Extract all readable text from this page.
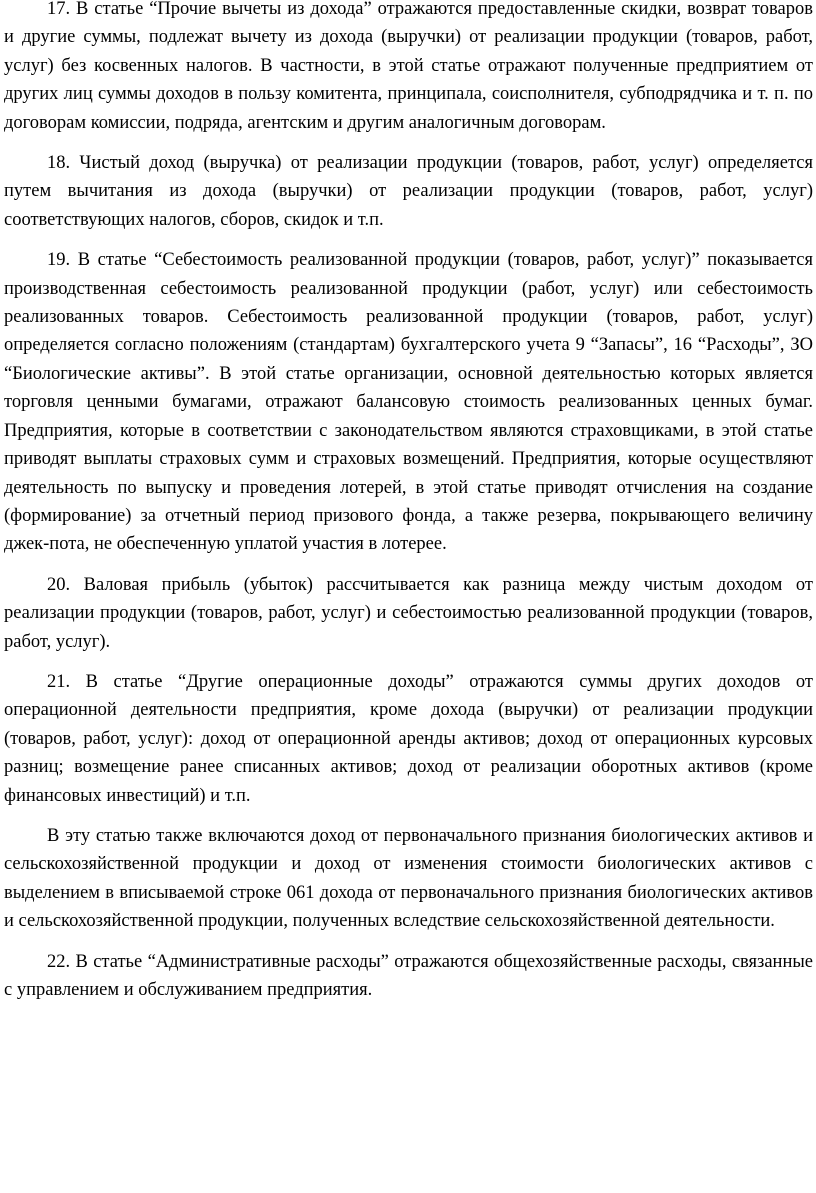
17. В статье “Прочие вычеты из дохода” отражаются предоставленные скидки, возврат товаров и другие суммы, подлежат вычету из дохода (выручки) от реализации продукции (товаров, работ, услуг) без косвенных налогов. В частности, в этой статье отражают полученные предприятием от других лиц суммы доходов в пользу комитента, принципала, соисполнителя, субподрядчика и т. п. по договорам комиссии, подряда, агентским и другим аналогичным договорам.

18. Чистый доход (выручка) от реализации продукции (товаров, работ, услуг) определяется путем вычитания из дохода (выручки) от реализации продукции (товаров, работ, услуг) соответствующих налогов, сборов, скидок и т.п.

19. В статье “Себестоимость реализованной продукции (товаров, работ, услуг)” показывается производственная себестоимость реализованной продукции (работ, услуг) или себестоимость реализованных товаров. Себестоимость реализованной продукции (товаров, работ, услуг) определяется согласно положениям (стандартам) бухгалтерского учета 9 “Запасы”, 16 “Расходы”, ЗО “Биологические активы”. В этой статье организации, основной деятельностью которых является торговля ценными бумагами, отражают балансовую стоимость реализованных ценных бумаг. Предприятия, которые в соответствии с законодательством являются страховщиками, в этой статье приводят выплаты страховых сумм и страховых возмещений. Предприятия, которые осуществляют деятельность по выпуску и проведения лотерей, в этой статье приводят отчисления на создание (формирование) за отчетный период призового фонда, а также резерва, покрывающего величину джек-пота, не обеспеченную уплатой участия в лотерее.

20. Валовая прибыль (убыток) рассчитывается как разница между чистым доходом от реализации продукции (товаров, работ, услуг) и себестоимостью реализованной продукции (товаров, работ, услуг).

21. В статье “Другие операционные доходы” отражаются суммы других доходов от операционной деятельности предприятия, кроме дохода (выручки) от реализации продукции (товаров, работ, услуг): доход от операционной аренды активов; доход от операционных курсовых разниц; возмещение ранее списанных активов; доход от реализации оборотных активов (кроме финансовых инвестиций) и т.п.

В эту статью также включаются доход от первоначального признания биологических активов и сельскохозяйственной продукции и доход от изменения стоимости биологических активов с выделением в вписываемой строке 061 дохода от первоначального признания биологических активов и сельскохозяйственной продукции, полученных вследствие сельскохозяйственной деятельности.

22. В статье “Административные расходы” отражаются общехозяйственные расходы, связанные с управлением и обслуживанием предприятия.
